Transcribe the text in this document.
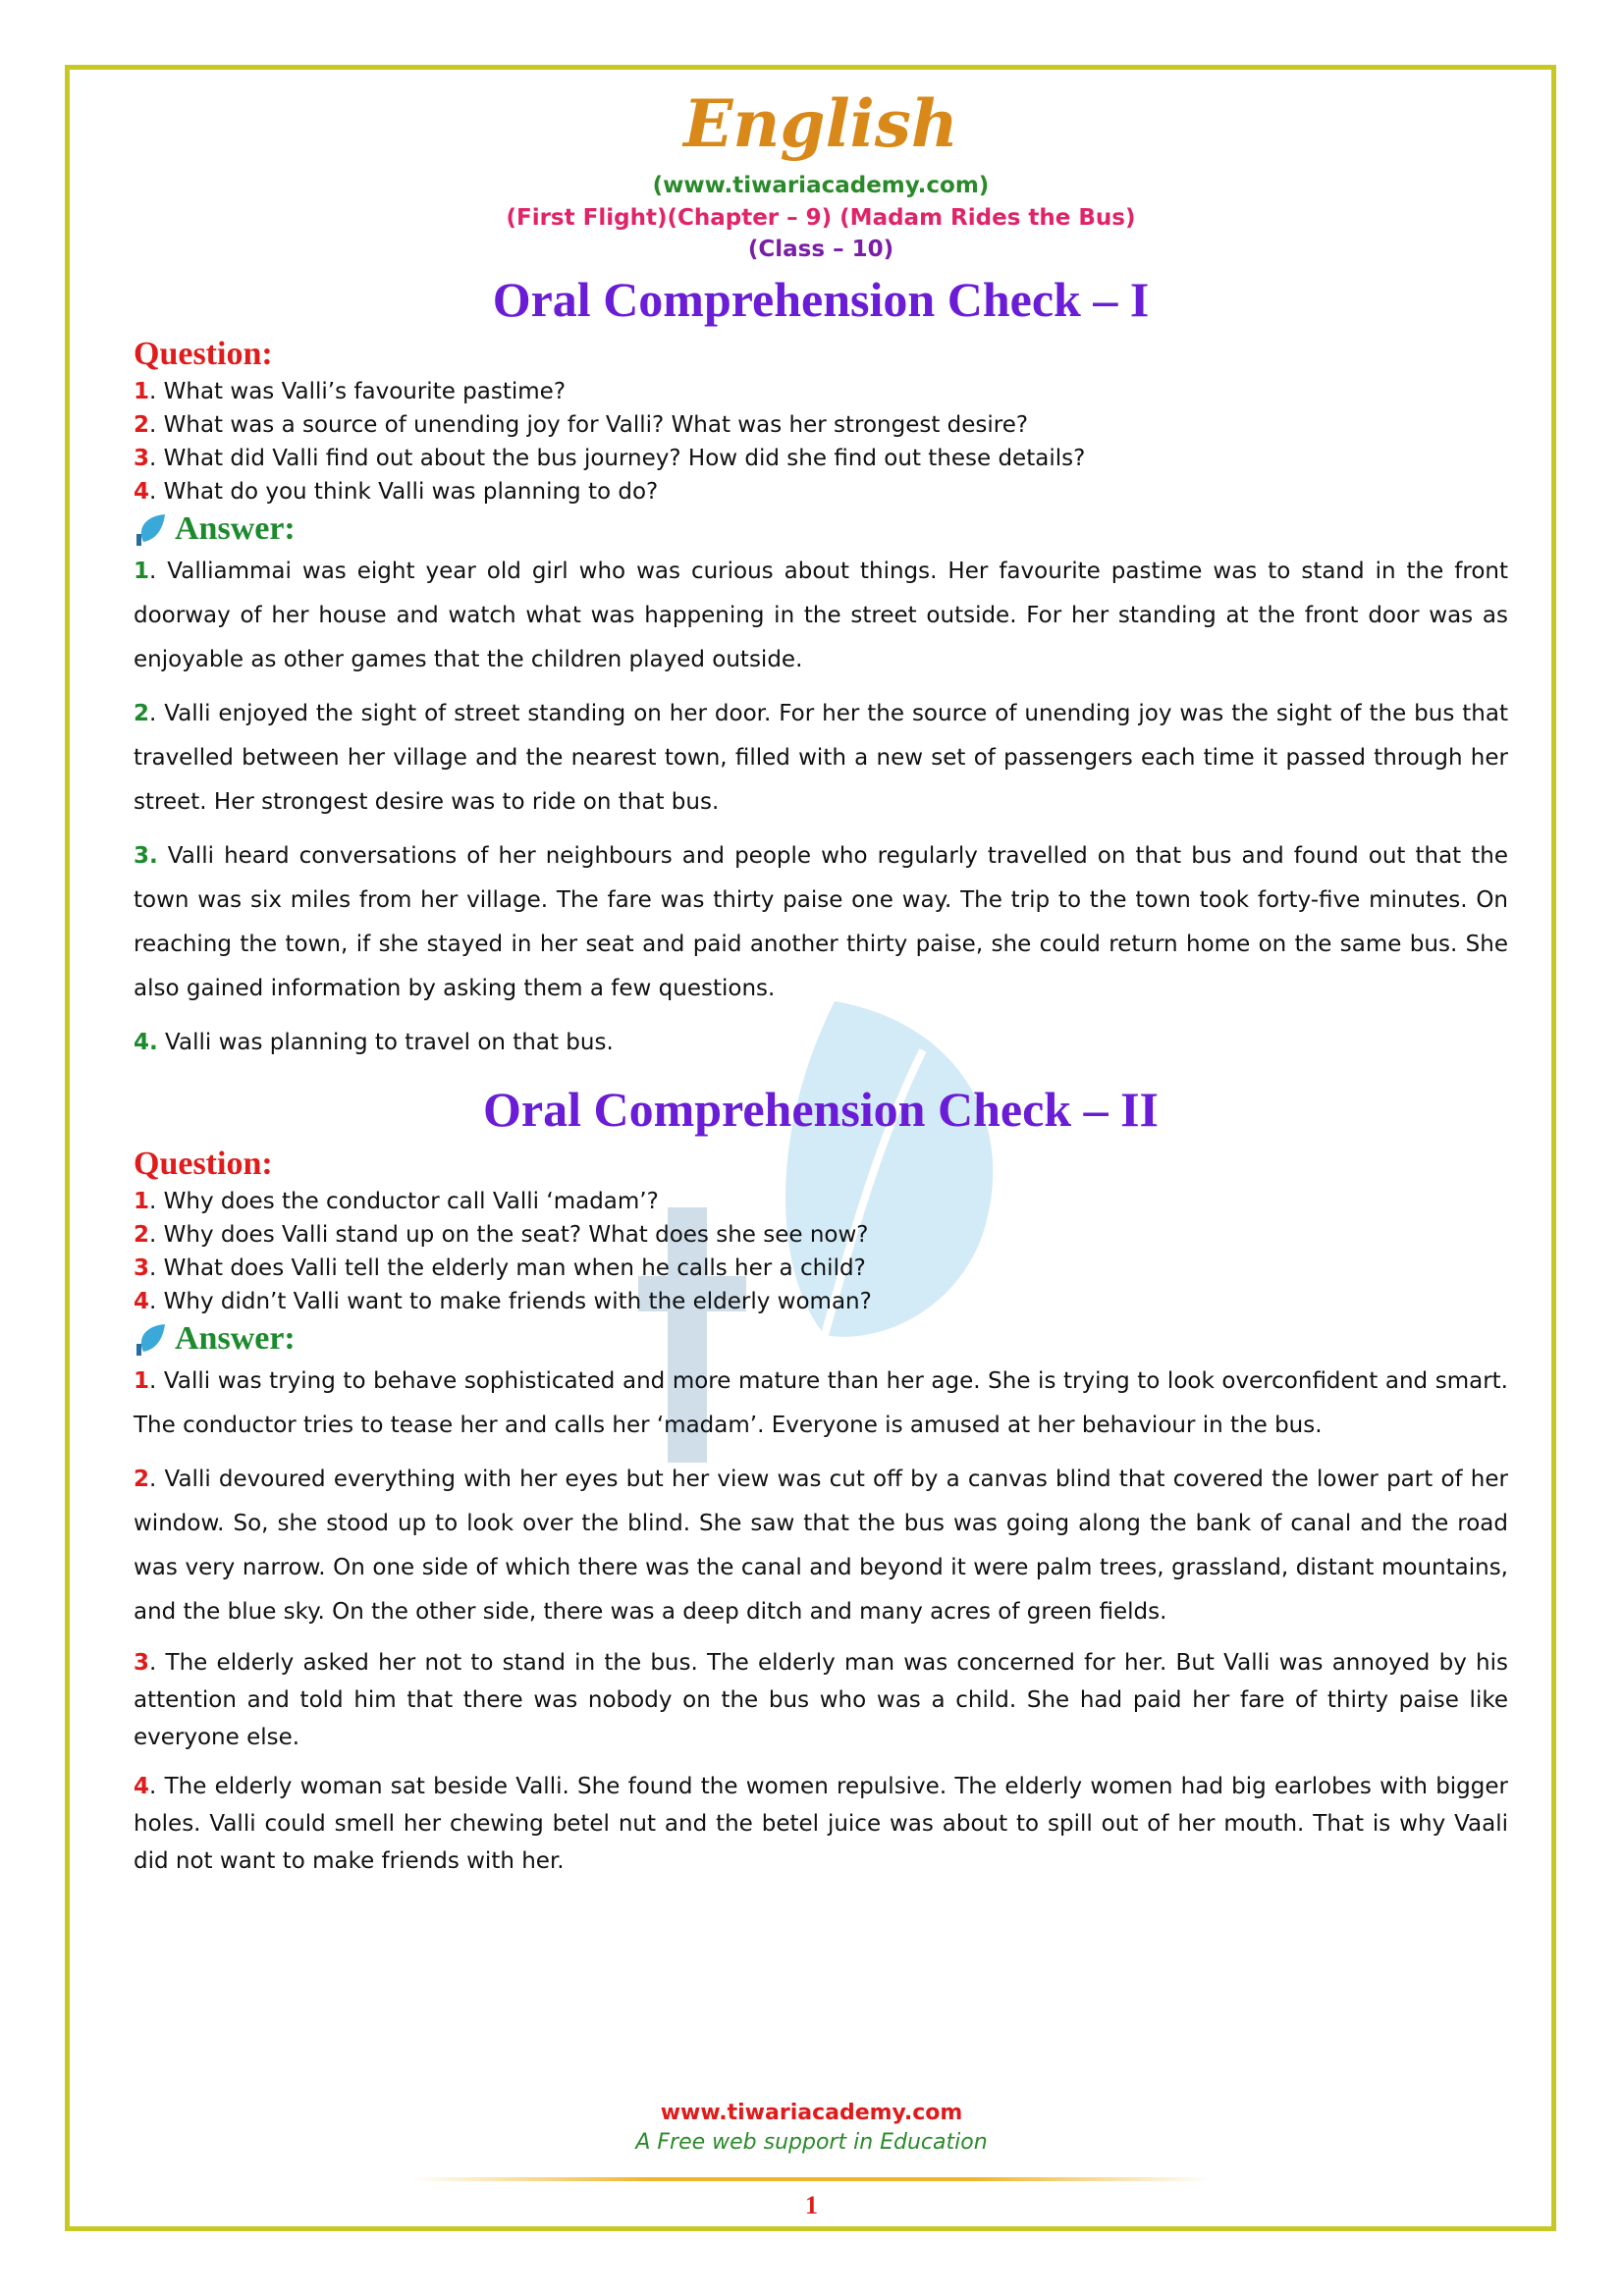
English

(www.tiwariacademy.com)

(First Flight)(Chapter – 9) (Madam Rides the Bus)

(Class – 10)

Oral Comprehension Check – I

Question:

1. What was Valli’s favourite pastime?

2. What was a source of unending joy for Valli? What was her strongest desire?

3. What did Valli find out about the bus journey? How did she find out these details?

4. What do you think Valli was planning to do?

Answer:

1. Valliammai was eight year old girl who was curious about things. Her favourite pastime was to stand in the front doorway of her house and watch what was happening in the street outside. For her standing at the front door was as enjoyable as other games that the children played outside.

2. Valli enjoyed the sight of street standing on her door. For her the source of unending joy was the sight of the bus that travelled between her village and the nearest town, filled with a new set of passengers each time it passed through her street. Her strongest desire was to ride on that bus.

3. Valli heard conversations of her neighbours and people who regularly travelled on that bus and found out that the town was six miles from her village. The fare was thirty paise one way. The trip to the town took forty-five minutes. On reaching the town, if she stayed in her seat and paid another thirty paise, she could return home on the same bus. She also gained information by asking them a few questions.

4. Valli was planning to travel on that bus.

Oral Comprehension Check – II

Question:

1. Why does the conductor call Valli ‘madam’?

2. Why does Valli stand up on the seat? What does she see now?

3. What does Valli tell the elderly man when he calls her a child?

4. Why didn’t Valli want to make friends with the elderly woman?

Answer:

1. Valli was trying to behave sophisticated and more mature than her age. She is trying to look overconfident and smart. The conductor tries to tease her and calls her ‘madam’. Everyone is amused at her behaviour in the bus.

2. Valli devoured everything with her eyes but her view was cut off by a canvas blind that covered the lower part of her window. So, she stood up to look over the blind. She saw that the bus was going along the bank of canal and the road was very narrow. On one side of which there was the canal and beyond it were palm trees, grassland, distant mountains, and the blue sky. On the other side, there was a deep ditch and many acres of green fields.

3. The elderly asked her not to stand in the bus. The elderly man was concerned for her. But Valli was annoyed by his attention and told him that there was nobody on the bus who was a child. She had paid her fare of thirty paise like everyone else.

4. The elderly woman sat beside Valli. She found the women repulsive. The elderly women had big earlobes with bigger holes. Valli could smell her chewing betel nut and the betel juice was about to spill out of her mouth. That is why Vaali did not want to make friends with her.

www.tiwariacademy.com

A Free web support in Education

1
